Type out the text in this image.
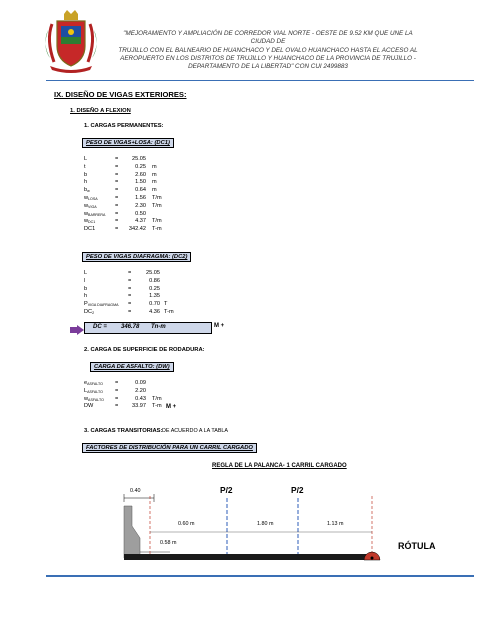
"MEJORAMIENTO Y AMPLIACIÓN DE CORREDOR VIAL NORTE - OESTE DE 9.52 KM QUE UNE LA CIUDAD DE
TRUJILLO CON EL BALNEARIO DE HUANCHACO Y DEL OVALO HUANCHACO HASTA EL ACCESO AL
AEROPUERTO EN LOS DISTRITOS DE TRUJILLO Y HUANCHACO DE LA PROVINCIA DE TRUJILLO -
DEPARTAMENTO DE LA LIBERTAD" CON CUI 2499883
IX. DISEÑO DE VIGAS EXTERIORES:
1. DISEÑO A FLEXION
1. CARGAS PERMANENTES:
PESO DE VIGAS+LOSA: (DC1)
L	=	25.05
t	=	0.25 m
b	=	2.60 m
h	=	1.50 m
$b_w$	=	0.64 m
$w_{LOSA}$	=	1.56 T/m
$w_{VIGA}$	=	2.30 T/m
$w_{BARRERA}$ =	0.50
$w_{DC1}$	=	4.37 T/m
DC1	=	342.42 T-m
PESO DE VIGAS DIAFRAGMA: (DC2)
L	=	25.05
l	=	0.86
b	=	0.25
h	=	1.35
$P_{VIGA DIAFRAGMA}$ =	0.70 T
$DC_2$	=	4.36 T-m
DC = 346.78 Tn-m	M +
2. CARGA DE SUPERFICIE DE RODADURA:
CARGA DE ASFALTO: (DW)
$e_{ASFALTO}$ =	0.09
$L_{ASFALTO}$ =	2.20
$w_{ASFALTO}$ =	0.43 T/m
DW	=	33.97 T-m M +
3. CARGAS TRANSITORIAS: DE ACUERDO A LA TABLA
FACTORES DE DISTRIBUCIÓN PARA UN CARRIL CARGADO
REGLA DE LA PALANCA- 1 CARRIL CARGADO
0.40	P/2	P/2
0.60 m	1.80 m	1.13 m
0.58 m	RÓTULA
